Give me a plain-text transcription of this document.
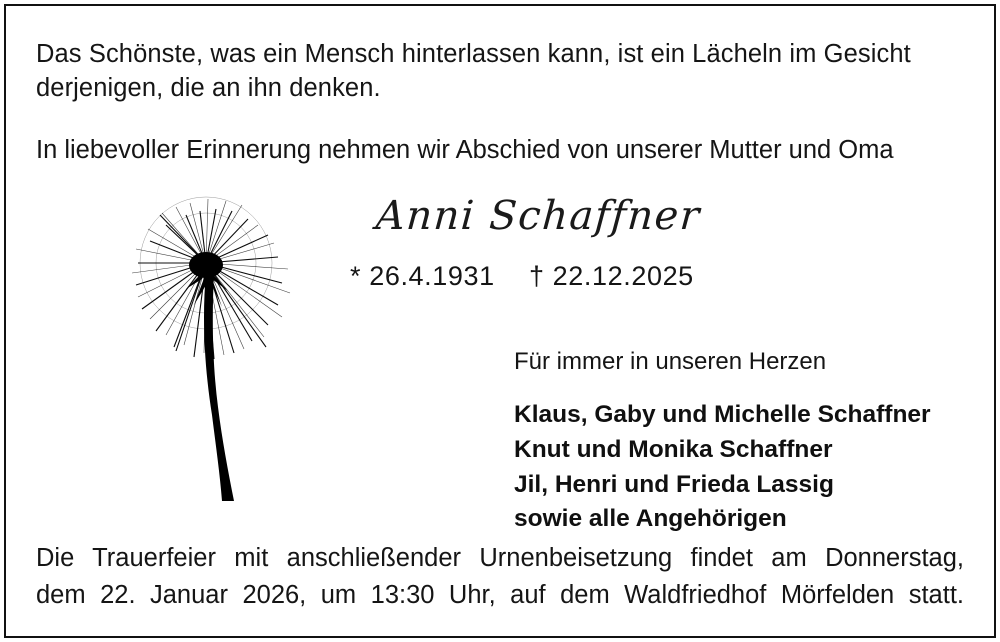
Das Schönste, was ein Mensch hinterlassen kann, ist ein Lächeln im Gesicht
derjenigen, die an ihn denken.

In liebevoller Erinnerung nehmen wir Abschied von unserer Mutter und Oma

Anni Schaffner
* 26.4.1931 † 22.12.2025
Für immer in unseren Herzen
Klaus, Gaby und Michelle Schaffner
Knut und Monika Schaffner
Jil, Henri und Frieda Lassig
sowie alle Angehörigen
Die Trauerfeier mit anschließender Urnenbeisetzung findet am Donnerstag,
dem 22. Januar 2026, um 13:30 Uhr, auf dem Waldfriedhof Mörfelden statt.
